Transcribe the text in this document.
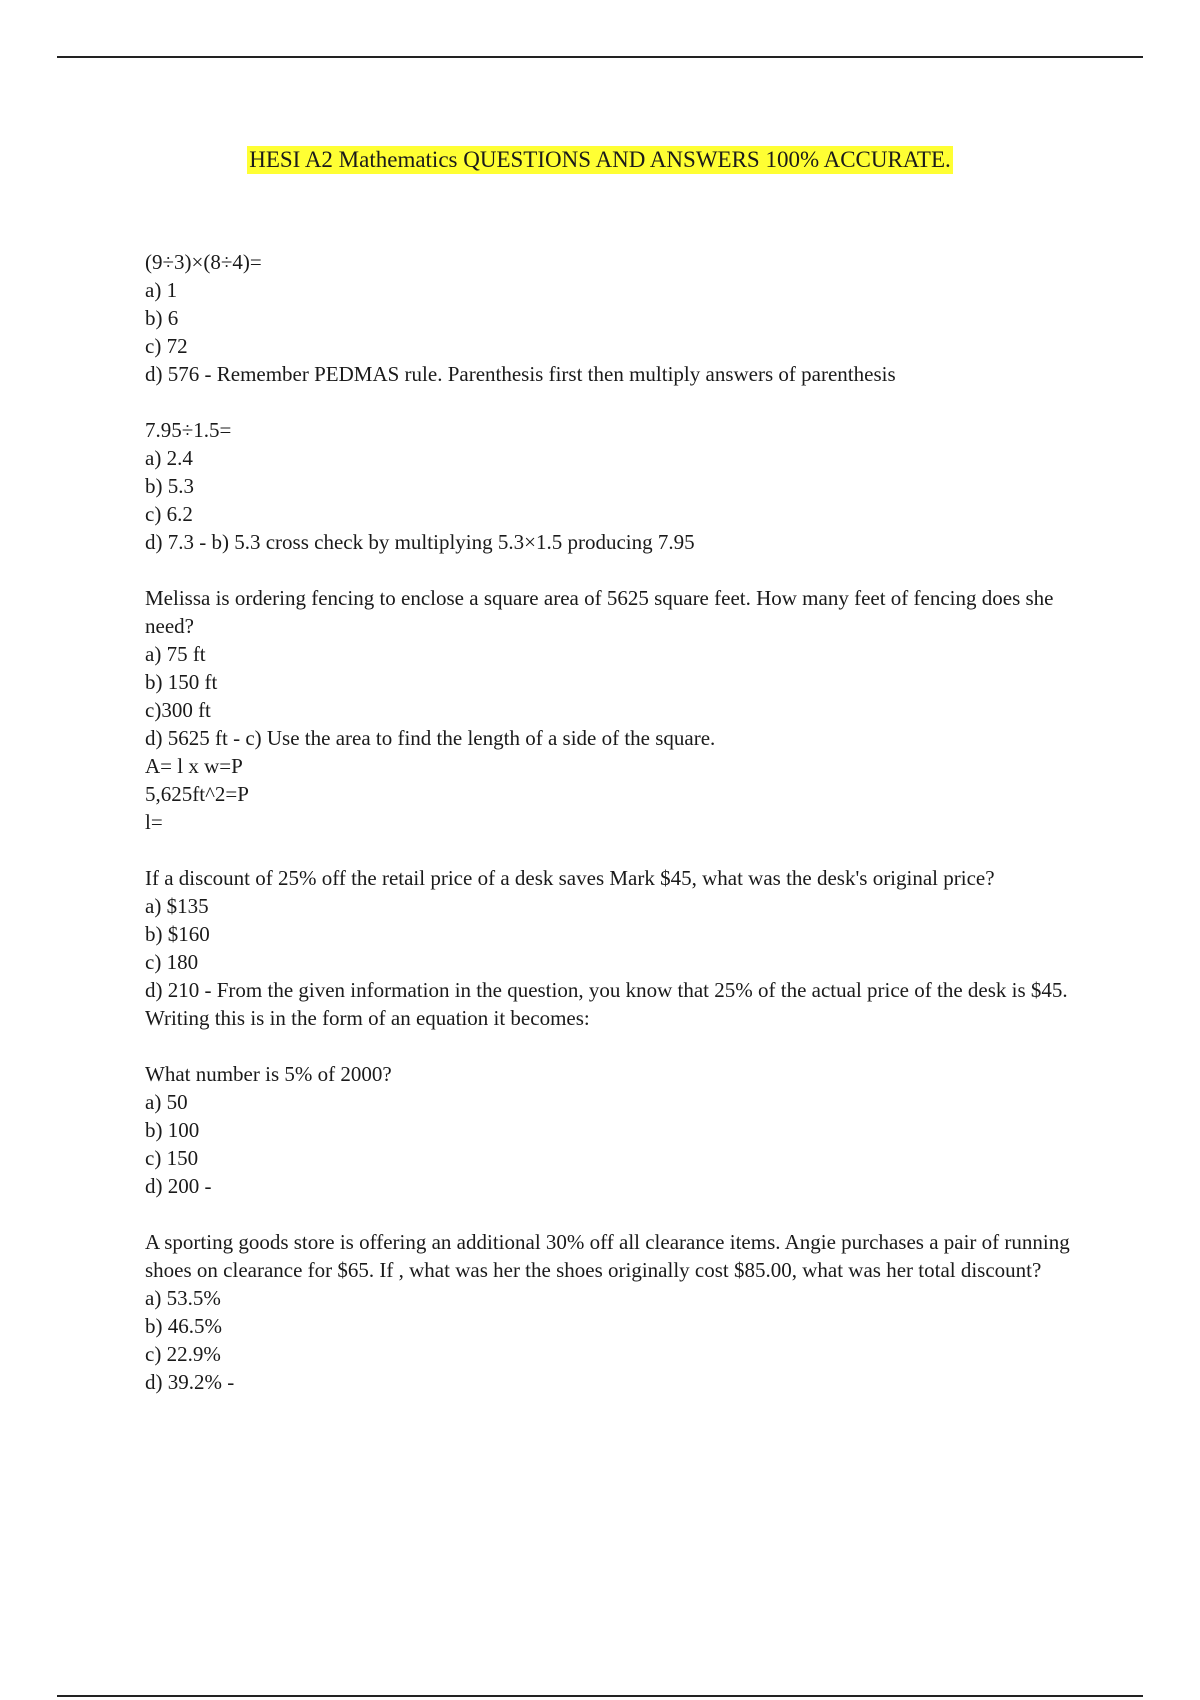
HESI A2 Mathematics QUESTIONS AND ANSWERS 100% ACCURATE.
(9÷3)×(8÷4)=
a) 1
b) 6
c) 72
d) 576 - Remember PEDMAS rule. Parenthesis first then multiply answers of parenthesis
7.95÷1.5=
a) 2.4
b) 5.3
c) 6.2
d) 7.3 - b) 5.3 cross check by multiplying 5.3×1.5 producing 7.95
Melissa is ordering fencing to enclose a square area of 5625 square feet. How many feet of fencing does she need?
a) 75 ft
b) 150 ft
c)300 ft
d) 5625 ft - c) Use the area to find the length of a side of the square.
A= l x w=P
5,625ft^2=P
l=
If a discount of 25% off the retail price of a desk saves Mark $45, what was the desk's original price?
a) $135
b) $160
c) 180
d) 210 - From the given information in the question, you know that 25% of the actual price of the desk is $45. Writing this is in the form of an equation it becomes:
What number is 5% of 2000?
a) 50
b) 100
c) 150
d) 200 -
A sporting goods store is offering an additional 30% off all clearance items. Angie purchases a pair of running shoes on clearance for $65. If , what was her the shoes originally cost $85.00, what was her total discount?
a) 53.5%
b) 46.5%
c) 22.9%
d) 39.2% -
